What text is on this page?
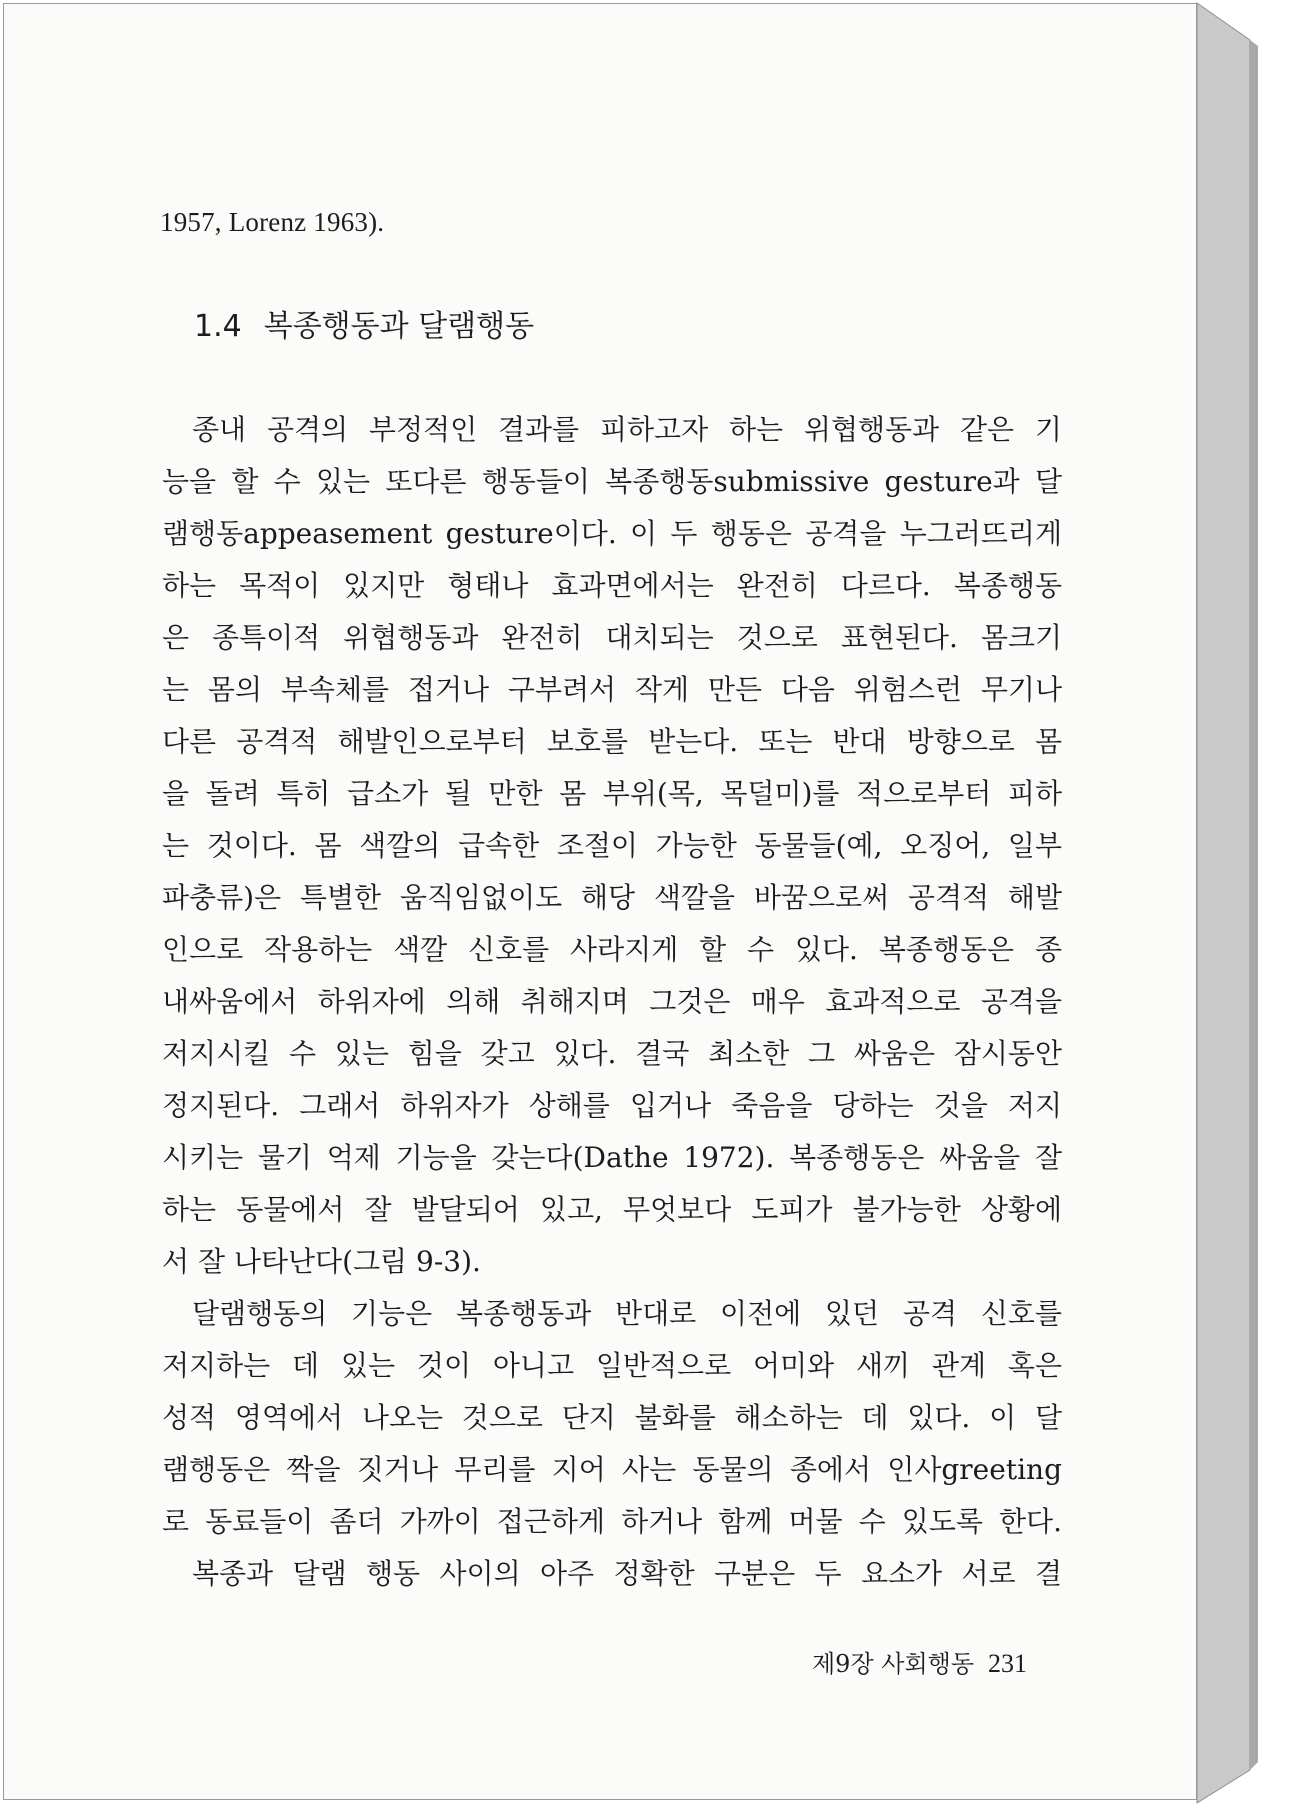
1957, Lorenz 1963).
1.4 복종행동과 달램행동
종내 공격의 부정적인 결과를 피하고자 하는 위협행동과 같은 기
능을 할 수 있는 또다른 행동들이 복종행동submissive gesture과 달
램행동appeasement gesture이다. 이 두 행동은 공격을 누그러뜨리게
하는 목적이 있지만 형태나 효과면에서는 완전히 다르다. 복종행동
은 종특이적 위협행동과 완전히 대치되는 것으로 표현된다. 몸크기
는 몸의 부속체를 접거나 구부려서 작게 만든 다음 위험스런 무기나
다른 공격적 해발인으로부터 보호를 받는다. 또는 반대 방향으로 몸
을 돌려 특히 급소가 될 만한 몸 부위(목, 목덜미)를 적으로부터 피하
는 것이다. 몸 색깔의 급속한 조절이 가능한 동물들(예, 오징어, 일부
파충류)은 특별한 움직임없이도 해당 색깔을 바꿈으로써 공격적 해발
인으로 작용하는 색깔 신호를 사라지게 할 수 있다. 복종행동은 종
내싸움에서 하위자에 의해 취해지며 그것은 매우 효과적으로 공격을
저지시킬 수 있는 힘을 갖고 있다. 결국 최소한 그 싸움은 잠시동안
정지된다. 그래서 하위자가 상해를 입거나 죽음을 당하는 것을 저지
시키는 물기 억제 기능을 갖는다(Dathe 1972). 복종행동은 싸움을 잘
하는 동물에서 잘 발달되어 있고, 무엇보다 도피가 불가능한 상황에
서 잘 나타난다(그림 9-3).
달램행동의 기능은 복종행동과 반대로 이전에 있던 공격 신호를
저지하는 데 있는 것이 아니고 일반적으로 어미와 새끼 관계 혹은
성적 영역에서 나오는 것으로 단지 불화를 해소하는 데 있다. 이 달
램행동은 짝을 짓거나 무리를 지어 사는 동물의 종에서 인사greeting
로 동료들이 좀더 가까이 접근하게 하거나 함께 머물 수 있도록 한다.
복종과 달램 행동 사이의 아주 정확한 구분은 두 요소가 서로 결
제9장 사회행동 231
